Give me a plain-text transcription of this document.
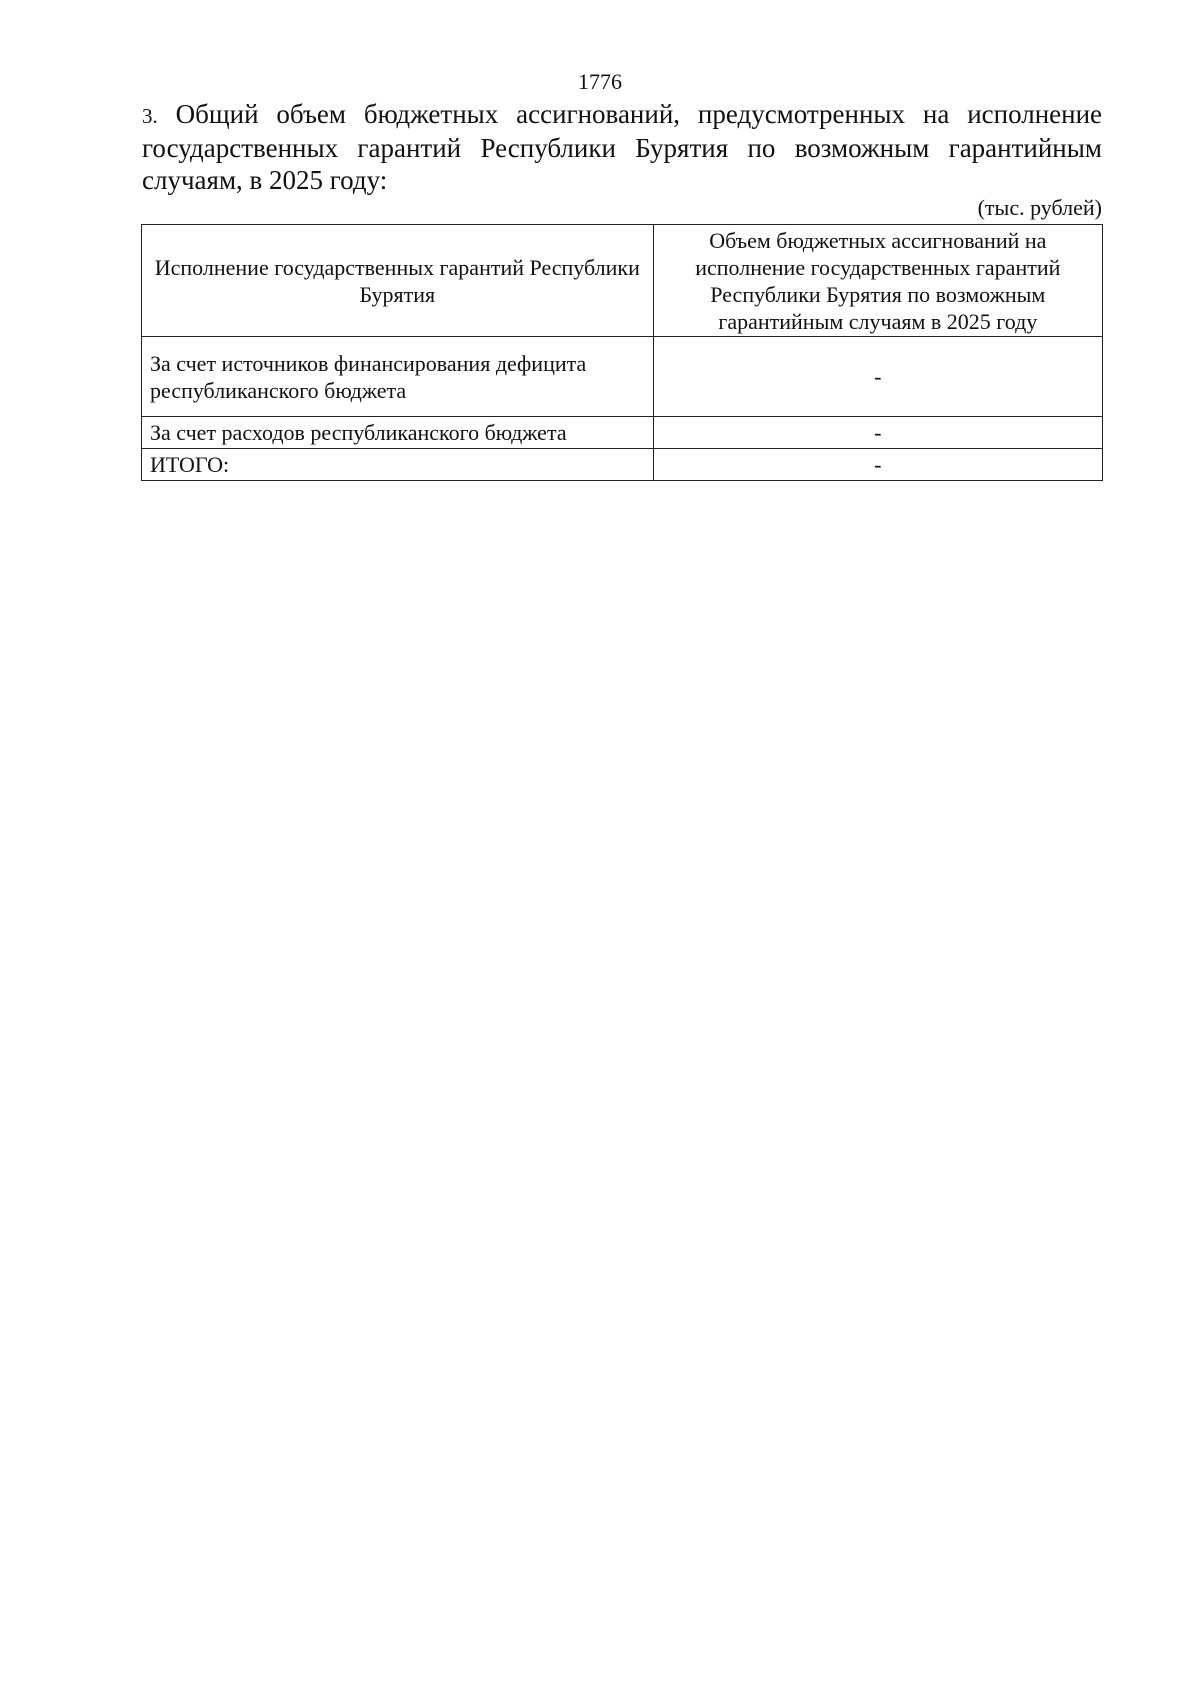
1776

3. Общий объем бюджетных ассигнований, предусмотренных на исполнение государственных гарантий Республики Бурятия по возможным гарантийным случаям, в 2025 году:

(тыс. рублей)
Исполнение государственных гарантий Республики Бурятия	Объем бюджетных ассигнований на исполнение государственных гарантий Республики Бурятия по возможным гарантийным случаям в 2025 году
За счет источников финансирования дефицита республиканского бюджета	-
За счет расходов республиканского бюджета	-
ИТОГО:	-
